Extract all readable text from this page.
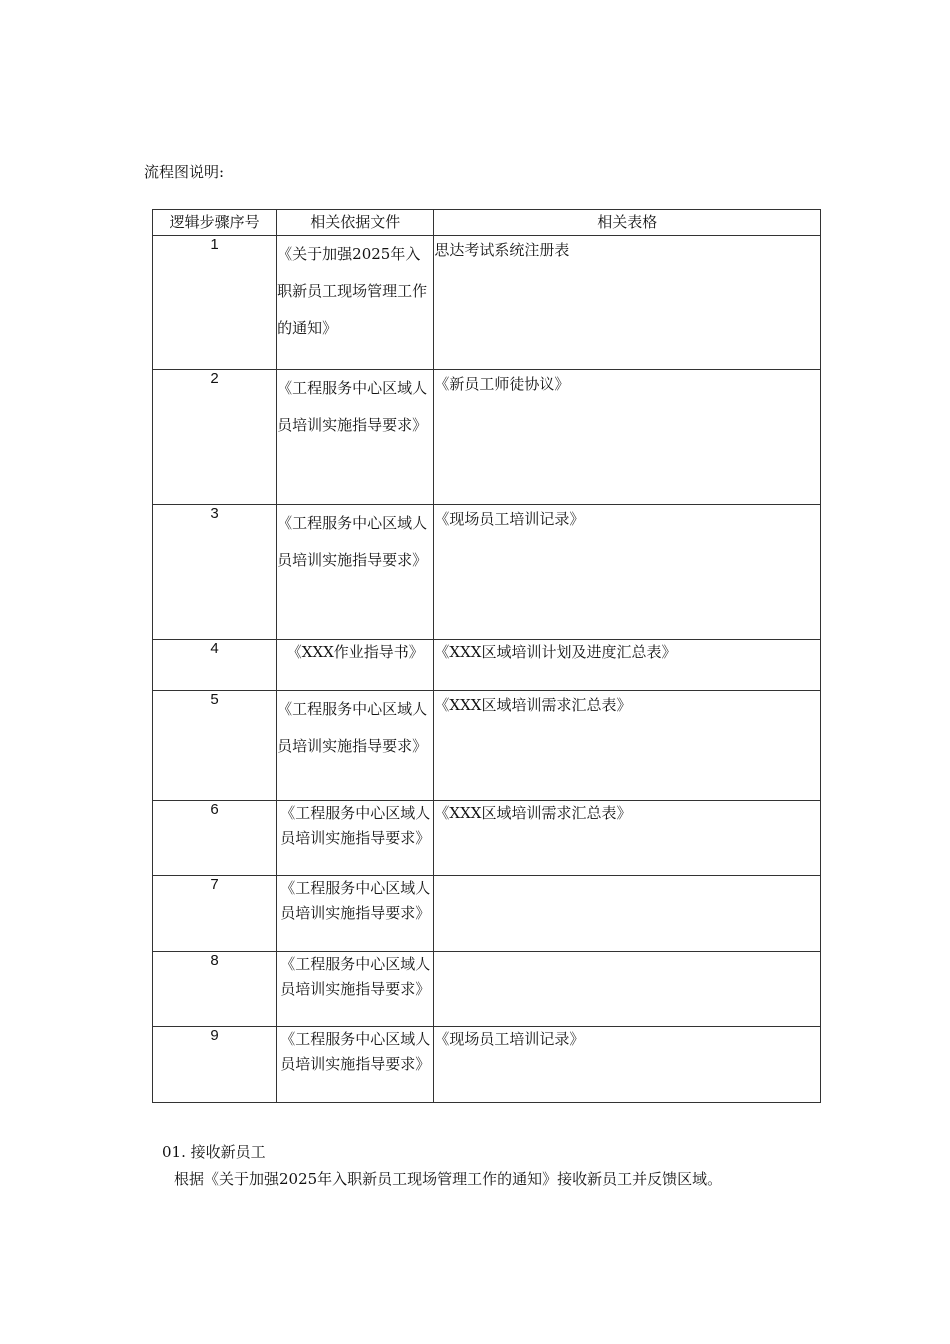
流程图说明:
逻辑步骤序号	相关依据文件	相关表格
1	《关于加强2025年入职新员工现场管理工作的通知》	思达考试系统注册表
2	《工程服务中心区域人员培训实施指导要求》	《新员工师徒协议》
3	《工程服务中心区域人员培训实施指导要求》	《现场员工培训记录》
4	《XXX作业指导书》	《XXX区域培训计划及进度汇总表》
5	《工程服务中心区域人员培训实施指导要求》	《XXX区域培训需求汇总表》
6	《工程服务中心区域人员培训实施指导要求》	《XXX区域培训需求汇总表》
7	《工程服务中心区域人员培训实施指导要求》	
8	《工程服务中心区域人员培训实施指导要求》	
9	《工程服务中心区域人员培训实施指导要求》	《现场员工培训记录》
01. 接收新员工
根据《关于加强2025年入职新员工现场管理工作的通知》接收新员工并反馈区域。
